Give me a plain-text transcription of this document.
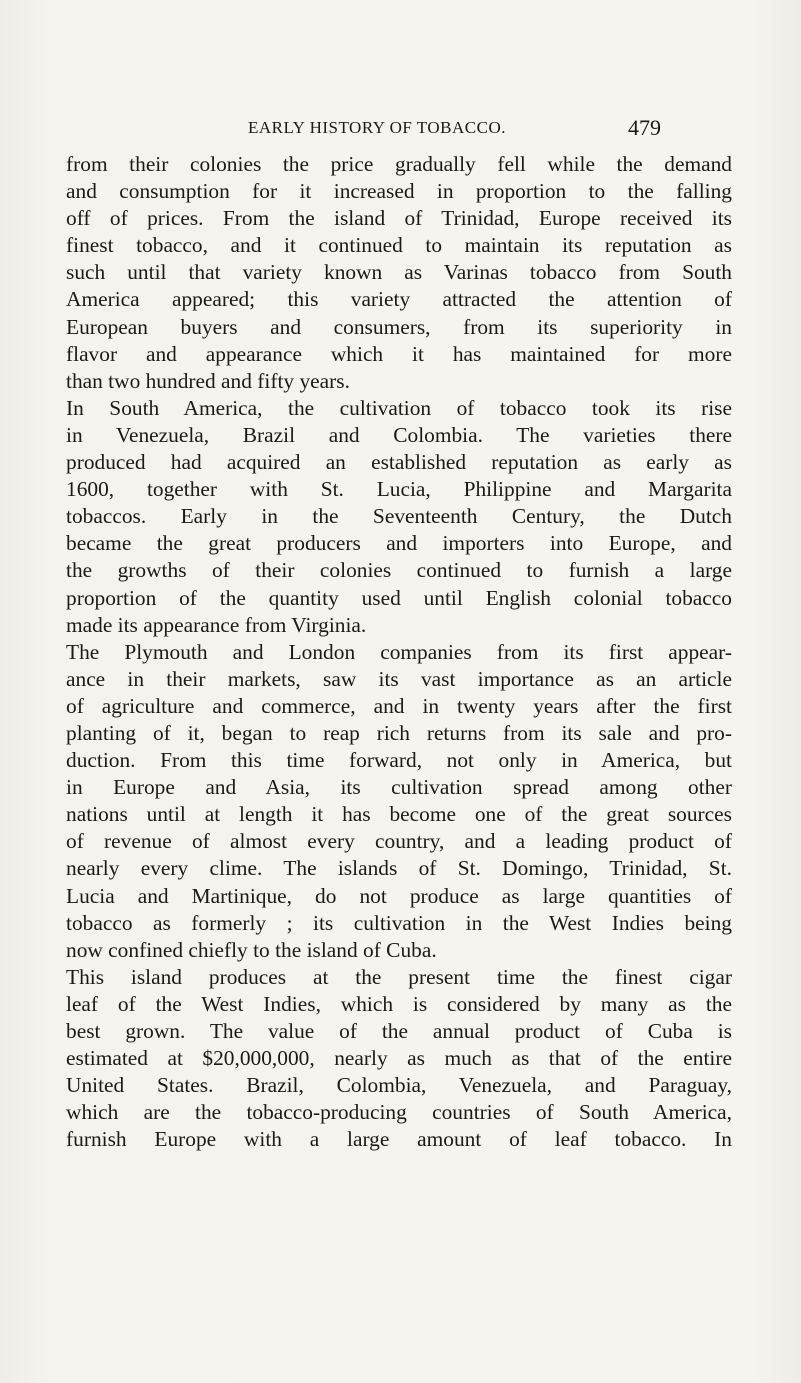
EARLY HISTORY OF TOBACCO.	479
from their colonies the price gradually fell while the demand
and consumption for it increased in proportion to the falling
off of prices. From the island of Trinidad, Europe received its
finest tobacco, and it continued to maintain its reputation as
such until that variety known as Varinas tobacco from South
America appeared; this variety attracted the attention of
European buyers and consumers, from its superiority in
flavor and appearance which it has maintained for more
than two hundred and fifty years.
In South America, the cultivation of tobacco took its rise
in Venezuela, Brazil and Colombia. The varieties there
produced had acquired an established reputation as early as
1600, together with St. Lucia, Philippine and Margarita
tobaccos. Early in the Seventeenth Century, the Dutch
became the great producers and importers into Europe, and
the growths of their colonies continued to furnish a large
proportion of the quantity used until English colonial tobacco
made its appearance from Virginia.
The Plymouth and London companies from its first appear-
ance in their markets, saw its vast importance as an article
of agriculture and commerce, and in twenty years after the first
planting of it, began to reap rich returns from its sale and pro-
duction. From this time forward, not only in America, but
in Europe and Asia, its cultivation spread among other
nations until at length it has become one of the great sources
of revenue of almost every country, and a leading product of
nearly every clime. The islands of St. Domingo, Trinidad, St.
Lucia and Martinique, do not produce as large quantities of
tobacco as formerly ; its cultivation in the West Indies being
now confined chiefly to the island of Cuba.
This island produces at the present time the finest cigar
leaf of the West Indies, which is considered by many as the
best grown. The value of the annual product of Cuba is
estimated at $20,000,000, nearly as much as that of the entire
United States. Brazil, Colombia, Venezuela, and Paraguay,
which are the tobacco-producing countries of South America,
furnish Europe with a large amount of leaf tobacco. In
